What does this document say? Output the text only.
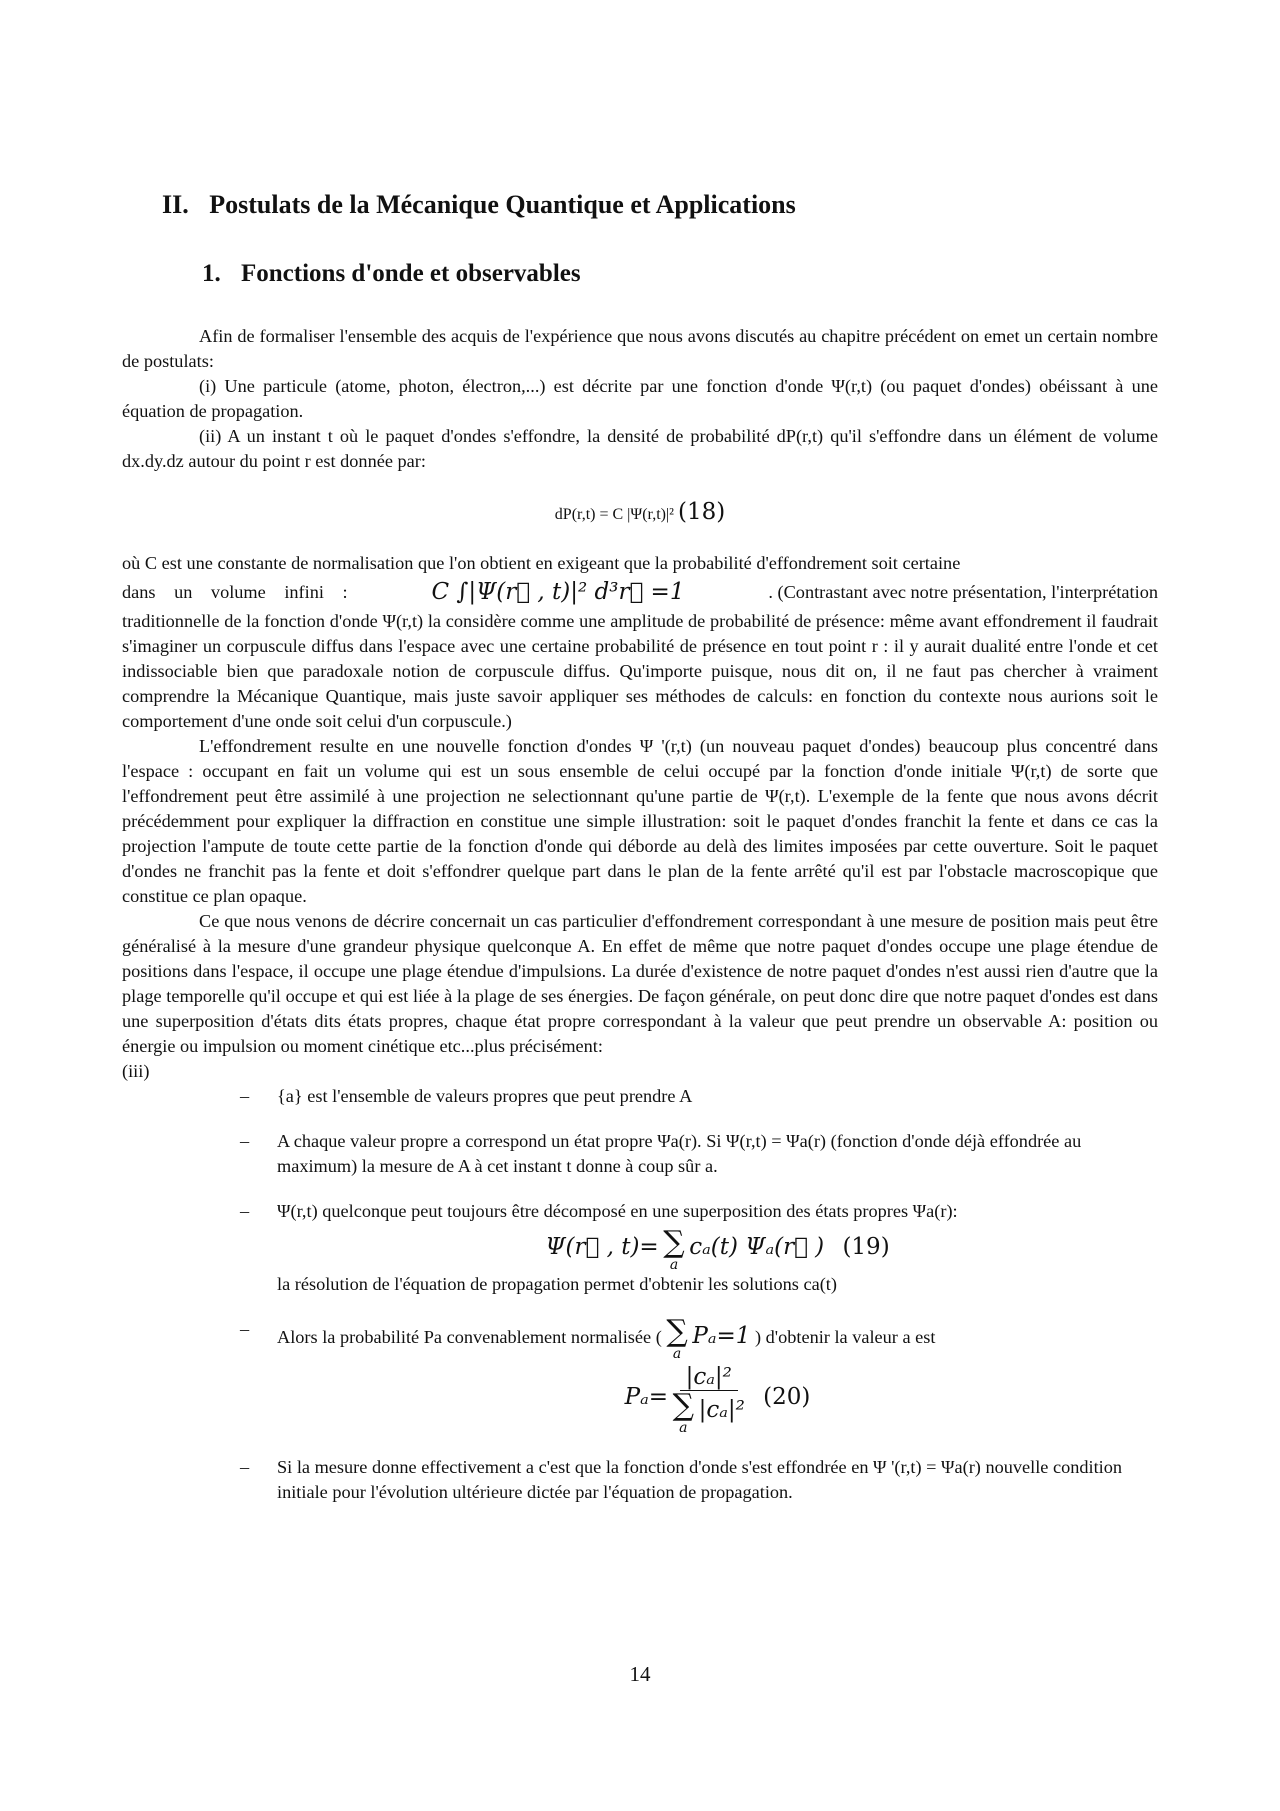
II. Postulats de la Mécanique Quantique et Applications
1. Fonctions d'onde et observables

Afin de formaliser l'ensemble des acquis de l'expérience que nous avons discutés au chapitre précédent on emet un certain nombre de postulats:

(i) Une particule (atome, photon, électron,...) est décrite par une fonction d'onde Ψ(r,t) (ou paquet d'ondes) obéissant à une équation de propagation.

(ii) A un instant t où le paquet d'ondes s'effondre, la densité de probabilité dP(r,t) qu'il s'effondre dans un élément de volume dx.dy.dz autour du point r est donnée par:

dP(r,t) = C |Ψ(r,t)|² (18)

où C est une constante de normalisation que l'on obtient en exigeant que la probabilité d'effondrement soit certaine

dans un volume infini :	C ∫|Ψ(r⃗ , t)|² d³r⃗ =1	. (Contrastant avec notre présentation, l'interprétation

traditionnelle de la fonction d'onde Ψ(r,t) la considère comme une amplitude de probabilité de présence: même avant effondrement il faudrait s'imaginer un corpuscule diffus dans l'espace avec une certaine probabilité de présence en tout point r : il y aurait dualité entre l'onde et cet indissociable bien que paradoxale notion de corpuscule diffus. Qu'importe puisque, nous dit on, il ne faut pas chercher à vraiment comprendre la Mécanique Quantique, mais juste savoir appliquer ses méthodes de calculs: en fonction du contexte nous aurions soit le comportement d'une onde soit celui d'un corpuscule.)

L'effondrement resulte en une nouvelle fonction d'ondes Ψ '(r,t) (un nouveau paquet d'ondes) beaucoup plus concentré dans l'espace : occupant en fait un volume qui est un sous ensemble de celui occupé par la fonction d'onde initiale Ψ(r,t) de sorte que l'effondrement peut être assimilé à une projection ne selectionnant qu'une partie de Ψ(r,t). L'exemple de la fente que nous avons décrit précédemment pour expliquer la diffraction en constitue une simple illustration: soit le paquet d'ondes franchit la fente et dans ce cas la projection l'ampute de toute cette partie de la fonction d'onde qui déborde au delà des limites imposées par cette ouverture. Soit le paquet d'ondes ne franchit pas la fente et doit s'effondrer quelque part dans le plan de la fente arrêté qu'il est par l'obstacle macroscopique que constitue ce plan opaque.

Ce que nous venons de décrire concernait un cas particulier d'effondrement correspondant à une mesure de position mais peut être généralisé à la mesure d'une grandeur physique quelconque A. En effet de même que notre paquet d'ondes occupe une plage étendue de positions dans l'espace, il occupe une plage étendue d'impulsions. La durée d'existence de notre paquet d'ondes n'est aussi rien d'autre que la plage temporelle qu'il occupe et qui est liée à la plage de ses énergies. De façon générale, on peut donc dire que notre paquet d'ondes est dans une superposition d'états dits états propres, chaque état propre correspondant à la valeur que peut prendre un observable A: position ou énergie ou impulsion ou moment cinétique etc...plus précisément:

(iii)

– {a} est l'ensemble de valeurs propres que peut prendre A
– A chaque valeur propre a correspond un état propre Ψa(r). Si Ψ(r,t) = Ψa(r) (fonction d'onde déjà effondrée au maximum) la mesure de A à cet instant t donne à coup sûr a.
– Ψ(r,t) quelconque peut toujours être décomposé en une superposition des états propres Ψa(r):
Ψ(r⃗ , t)= ∑
a
cₐ(t) Ψₐ(r⃗ ) (19)
la résolution de l'équation de propagation permet d'obtenir les solutions ca(t)
– Alors la probabilité Pa convenablement normalisée ( ∑
a
Pₐ=1 ) d'obtenir la valeur a est
Pₐ= |cₐ|²
∑
a
|cₐ|² (20)
– Si la mesure donne effectivement a c'est que la fonction d'onde s'est effondrée en Ψ '(r,t) = Ψa(r) nouvelle condition initiale pour l'évolution ultérieure dictée par l'équation de propagation.
14
